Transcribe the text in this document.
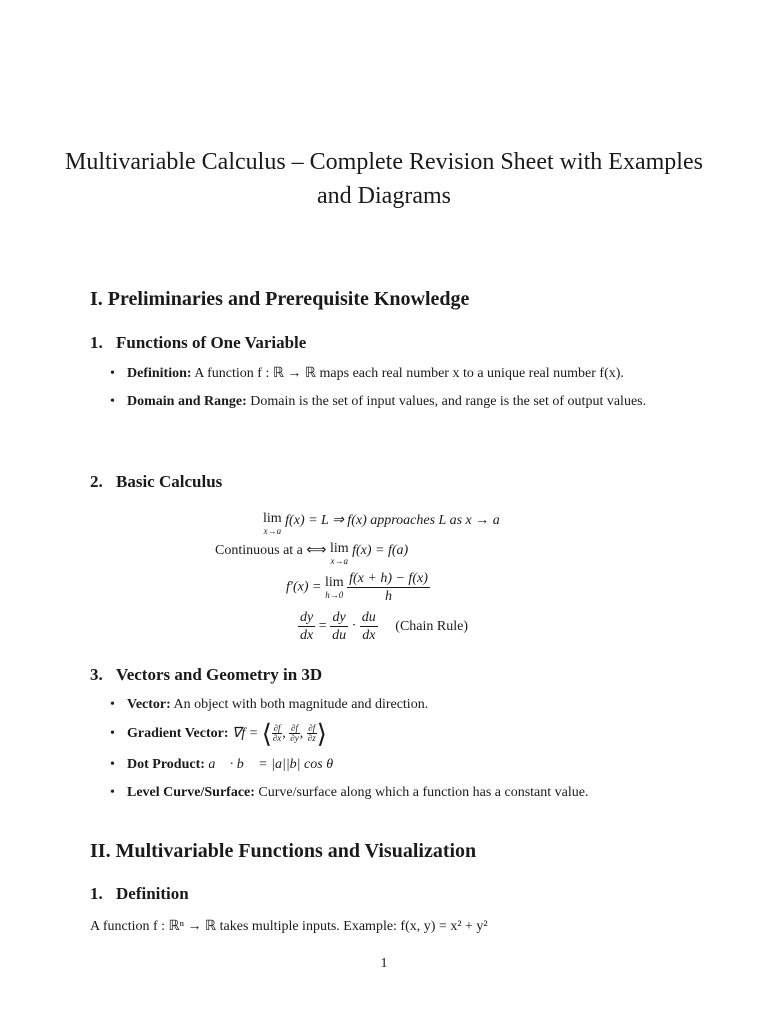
Multivariable Calculus – Complete Revision Sheet with Examples and Diagrams
I. Preliminaries and Prerequisite Knowledge
1. Functions of One Variable
• Definition: A function f : ℝ → ℝ maps each real number x to a unique real number f(x).
• Domain and Range: Domain is the set of input values, and range is the set of output values.
2. Basic Calculus
lim
x→a
f(x) = L ⇒ f(x) approaches L as x → a
Continuous at a ⟺ lim
x→a
f(x) = f(a)
f′(x) = lim
h→0
$\frac{f(x + h) - f(x)}{h}$
$\frac{dy}{dx} = \frac{dy}{du} \cdot \frac{du}{dx}$ (Chain Rule)
3. Vectors and Geometry in 3D
• Vector: An object with both magnitude and direction.
• Gradient Vector: ∇f = ⟨ $\frac{\partial f}{\partial x}$ , $\frac{\partial f}{\partial y}$ , $\frac{\partial f}{\partial z}$ ⟩
• Dot Product: a⃗ · b⃗ = |a||b| cos θ
• Level Curve/Surface: Curve/surface along which a function has a constant value.
II. Multivariable Functions and Visualization
1. Definition
A function f : ℝⁿ → ℝ takes multiple inputs. Example: f(x, y) = x² + y²
1
